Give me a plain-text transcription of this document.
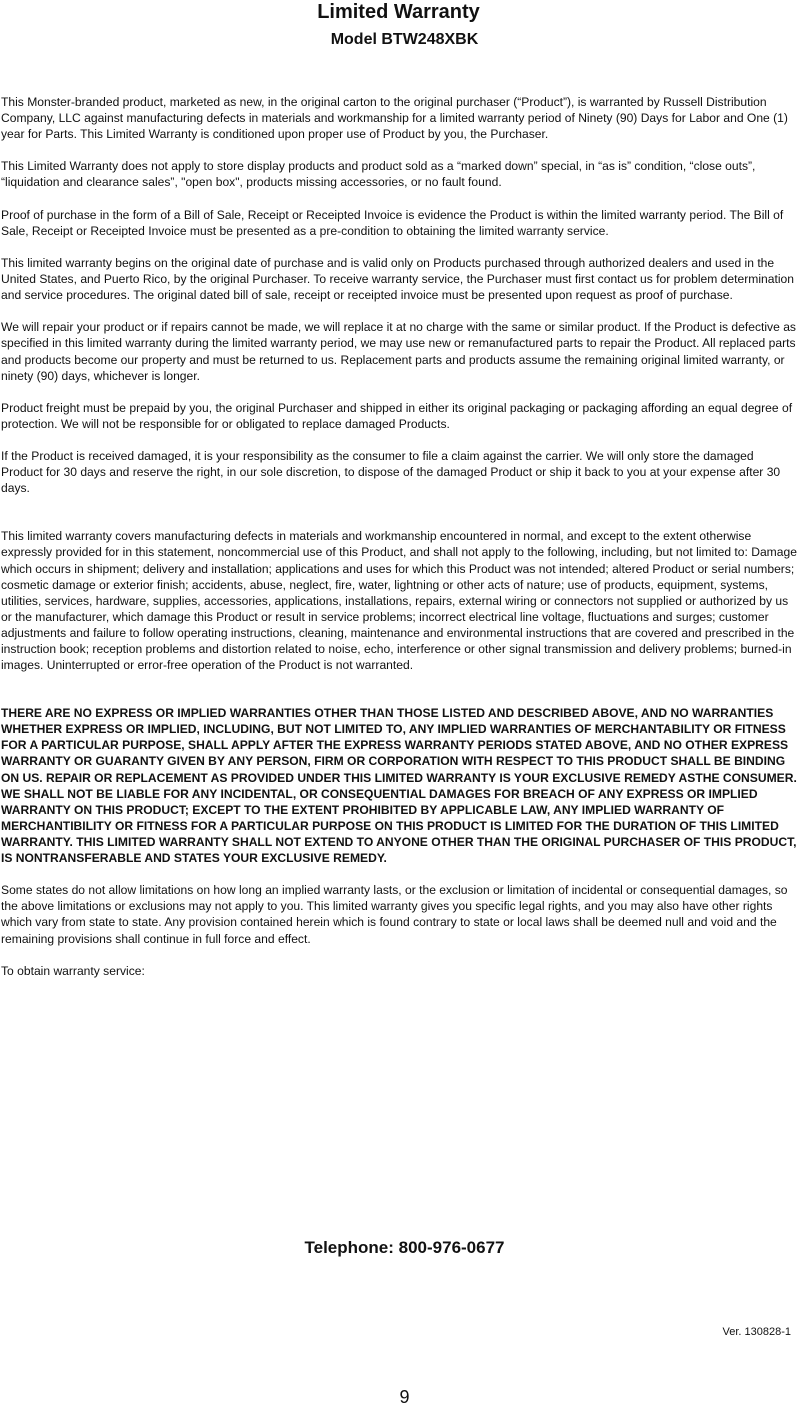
Limited Warranty
Model BTW248XBK

This Monster-branded product, marketed as new, in the original carton to the original purchaser (“Product”), is warranted by Russell Distribution Company, LLC against manufacturing defects in materials and workmanship for a limited warranty period of Ninety (90) Days for Labor and One (1) year for Parts. This Limited Warranty is conditioned upon proper use of Product by you, the Purchaser.

This Limited Warranty does not apply to store display products and product sold as a “marked down” special, in “as is” condition, “close outs”, “liquidation and clearance sales”, "open box", products missing accessories, or no fault found.

Proof of purchase in the form of a Bill of Sale, Receipt or Receipted Invoice is evidence the Product is within the limited warranty period. The Bill of Sale, Receipt or Receipted Invoice must be presented as a pre-condition to obtaining the limited warranty service.

This limited warranty begins on the original date of purchase and is valid only on Products purchased through authorized dealers and used in the United States, and Puerto Rico, by the original Purchaser. To receive warranty service, the Purchaser must first contact us for problem determination and service procedures. The original dated bill of sale, receipt or receipted invoice must be presented upon request as proof of purchase.

We will repair your product or if repairs cannot be made, we will replace it at no charge with the same or similar product. If the Product is defective as specified in this limited warranty during the limited warranty period, we may use new or remanufactured parts to repair the Product. All replaced parts and products become our property and must be returned to us. Replacement parts and products assume the remaining original limited warranty, or ninety (90) days, whichever is longer.

Product freight must be prepaid by you, the original Purchaser and shipped in either its original packaging or packaging affording an equal degree of protection. We will not be responsible for or obligated to replace damaged Products.

If the Product is received damaged, it is your responsibility as the consumer to file a claim against the carrier. We will only store the damaged Product for 30 days and reserve the right, in our sole discretion, to dispose of the damaged Product or ship it back to you at your expense after 30 days.

This limited warranty covers manufacturing defects in materials and workmanship encountered in normal, and except to the extent otherwise expressly provided for in this statement, noncommercial use of this Product, and shall not apply to the following, including, but not limited to: Damage which occurs in shipment; delivery and installation; applications and uses for which this Product was not intended; altered Product or serial numbers; cosmetic damage or exterior finish; accidents, abuse, neglect, fire, water, lightning or other acts of nature; use of products, equipment, systems, utilities, services, hardware, supplies, accessories, applications, installations, repairs, external wiring or connectors not supplied or authorized by us or the manufacturer, which damage this Product or result in service problems; incorrect electrical line voltage, fluctuations and surges; customer adjustments and failure to follow operating instructions, cleaning, maintenance and environmental instructions that are covered and prescribed in the instruction book; reception problems and distortion related to noise, echo, interference or other signal transmission and delivery problems; burned-in images. Uninterrupted or error-free operation of the Product is not warranted.

THERE ARE NO EXPRESS OR IMPLIED WARRANTIES OTHER THAN THOSE LISTED AND DESCRIBED ABOVE, AND NO WARRANTIES WHETHER EXPRESS OR IMPLIED, INCLUDING, BUT NOT LIMITED TO, ANY IMPLIED WARRANTIES OF MERCHANTABILITY OR FITNESS FOR A PARTICULAR PURPOSE, SHALL APPLY AFTER THE EXPRESS WARRANTY PERIODS STATED ABOVE, AND NO OTHER EXPRESS WARRANTY OR GUARANTY GIVEN BY ANY PERSON, FIRM OR CORPORATION WITH RESPECT TO THIS PRODUCT SHALL BE BINDING ON US. REPAIR OR REPLACEMENT AS PROVIDED UNDER THIS LIMITED WARRANTY IS YOUR EXCLUSIVE REMEDY ASTHE CONSUMER. WE SHALL NOT BE LIABLE FOR ANY INCIDENTAL, OR CONSEQUENTIAL DAMAGES FOR BREACH OF ANY EXPRESS OR IMPLIED WARRANTY ON THIS PRODUCT; EXCEPT TO THE EXTENT PROHIBITED BY APPLICABLE LAW, ANY IMPLIED WARRANTY OF MERCHANTIBILITY OR FITNESS FOR A PARTICULAR PURPOSE ON THIS PRODUCT IS LIMITED FOR THE DURATION OF THIS LIMITED WARRANTY. THIS LIMITED WARRANTY SHALL NOT EXTEND TO ANYONE OTHER THAN THE ORIGINAL PURCHASER OF THIS PRODUCT, IS NONTRANSFERABLE AND STATES YOUR EXCLUSIVE REMEDY.

Some states do not allow limitations on how long an implied warranty lasts, or the exclusion or limitation of incidental or consequential damages, so the above limitations or exclusions may not apply to you. This limited warranty gives you specific legal rights, and you may also have other rights which vary from state to state. Any provision contained herein which is found contrary to state or local laws shall be deemed null and void and the remaining provisions shall continue in full force and effect.

To obtain warranty service:

Telephone: 800-976-0677
Ver. 130828-1
9
